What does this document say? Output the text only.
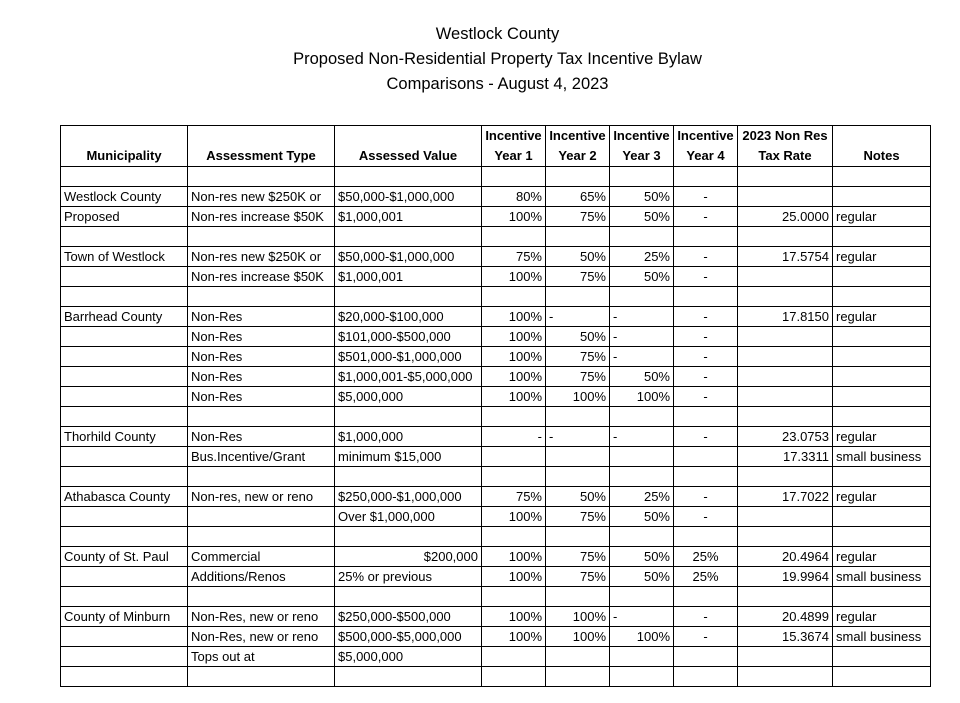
Westlock County
Proposed Non-Residential Property Tax Incentive Bylaw
Comparisons - August 4, 2023
Municipality	Assessment Type	Assessed Value	Incentive	Incentive	Incentive	Incentive	2023 Non Res	Notes
			Year 1	Year 2	Year 3	Year 4	Tax Rate	

Westlock County	Non-res new $250K or	$50,000-$1,000,000	80%	65%	50%	-		
Proposed	Non-res increase $50K	$1,000,001	100%	75%	50%	-	25.0000	regular

Town of Westlock	Non-res new $250K or	$50,000-$1,000,000	75%	50%	25%	-	17.5754	regular
	Non-res increase $50K	$1,000,001	100%	75%	50%	-		

Barrhead County	Non-Res	$20,000-$100,000	100%	-	-	-	17.8150	regular
	Non-Res	$101,000-$500,000	100%	50%	-	-		
	Non-Res	$501,000-$1,000,000	100%	75%	-	-		
	Non-Res	$1,000,001-$5,000,000	100%	75%	50%	-		
	Non-Res	$5,000,000	100%	100%	100%	-		

Thorhild County	Non-Res	$1,000,000	-	-	-	-	23.0753	regular
	Bus.Incentive/Grant	minimum $15,000					17.3311	small business

Athabasca County	Non-res, new or reno	$250,000-$1,000,000	75%	50%	25%	-	17.7022	regular
		Over $1,000,000	100%	75%	50%	-		

County of St. Paul	Commercial	$200,000	100%	75%	50%	25%	20.4964	regular
	Additions/Renos	25% or previous	100%	75%	50%	25%	19.9964	small business

County of Minburn	Non-Res, new or reno	$250,000-$500,000	100%	100%	-	-	20.4899	regular
	Non-Res, new or reno	$500,000-$5,000,000	100%	100%	100%	-	15.3674	small business
	Tops out at	$5,000,000						
